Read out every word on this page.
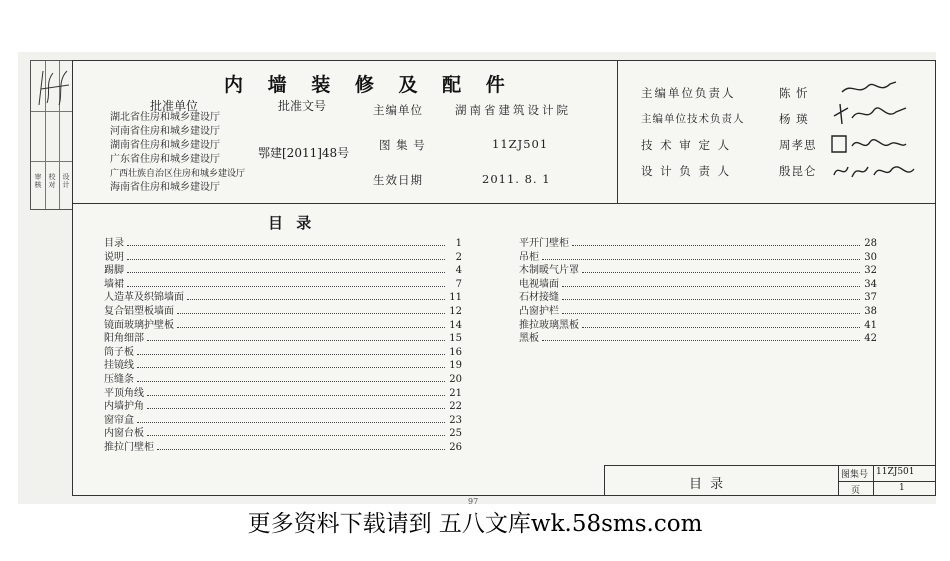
审核
校对
设计
内 墙 装 修 及 配 件
批准单位	批准文号
湖北省住房和城乡建设厅
河南省住房和城乡建设厅
湖南省住房和城乡建设厅
广东省住房和城乡建设厅
广西壮族自治区住房和城乡建设厅
海南省住房和城乡建设厅
鄂建[2011]48号
主编单位	湖南省建筑设计院
图 集 号	11ZJ501
生效日期	2011. 8. 1
主编单位负责人	陈 忻
主编单位技术负责人	杨 瑛
技 术 审 定 人	周孝思
设 计 负 责 人	殷昆仑
目 录
目录	1
说明	2
踢脚	4
墙裙	7
人造革及织锦墙面	11
复合铝塑板墙面	12
镜面玻璃护壁板	14
阳角细部	15
筒子板	16
挂镜线	19
压缝条	20
平顶角线	21
内墙护角	22
窗帘盒	23
内窗台板	25
推拉门壁柜	26
平开门壁柜	28
吊柜	30
木制暖气片罩	32
电视墙面	34
石材接缝	37
凸窗护栏	38
推拉玻璃黑板	41
黑板	42
目 录
图集号 11ZJ501
页	1
97
更多资料下载请到 五八文库wk.58sms.com
